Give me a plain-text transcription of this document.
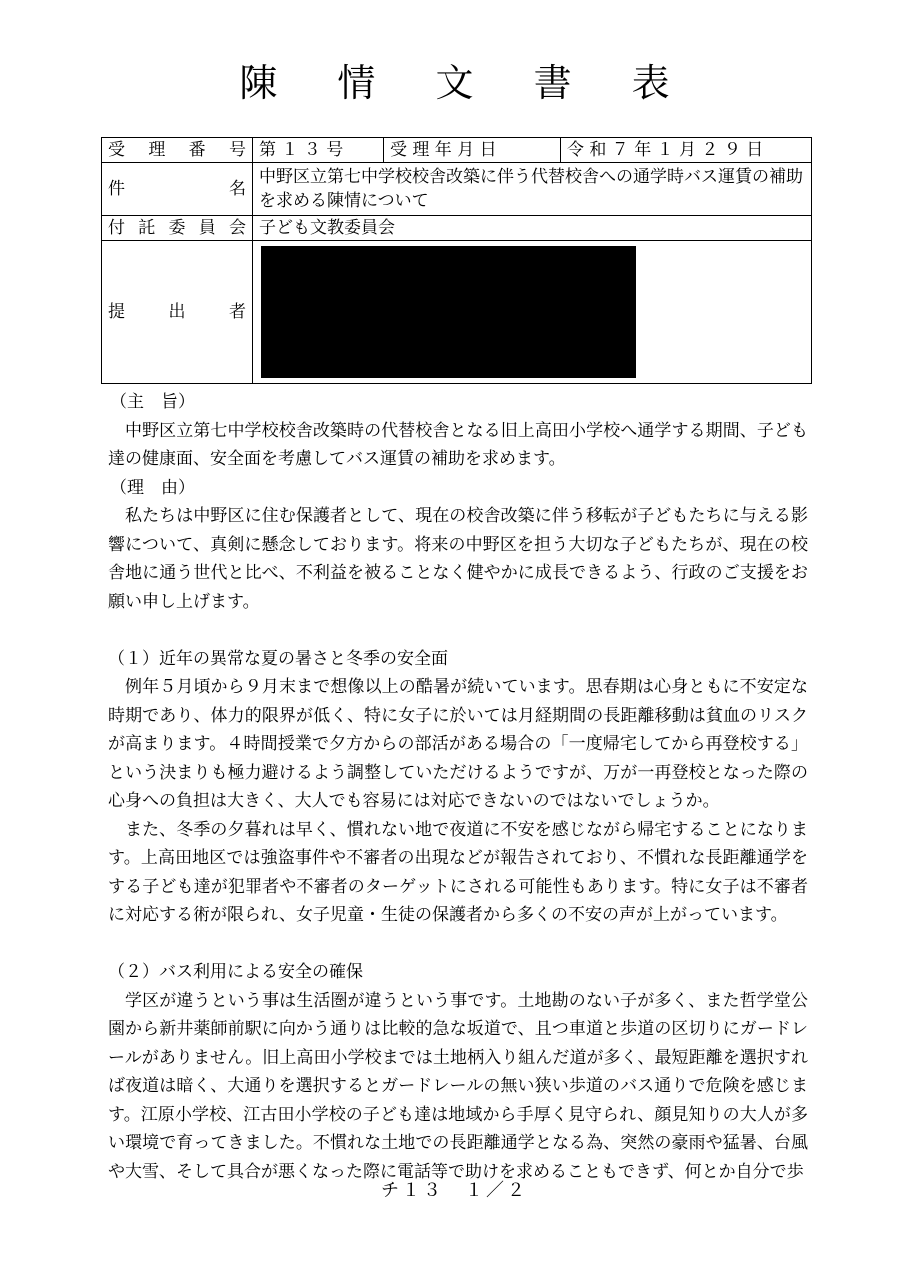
陳 情 文 書 表
受 理 番 号	第 １ ３ 号	受 理 年 月 日	令 和 ７ 年 １ 月 ２ ９ 日
件　　　　名	中野区立第七中学校校舎改築に伴う代替校舎への通学時バス運賃の補助を求める陳情について		
付 託 委 員 会	子ども文教委員会		
提　　出　　者			

（主　旨）

中野区立第七中学校校舎改築時の代替校舎となる旧上高田小学校へ通学する期間、子ども達の健康面、安全面を考慮してバス運賃の補助を求めます。

（理　由）

私たちは中野区に住む保護者として、現在の校舎改築に伴う移転が子どもたちに与える影響について、真剣に懸念しております。将来の中野区を担う大切な子どもたちが、現在の校舎地に通う世代と比べ、不利益を被ることなく健やかに成長できるよう、行政のご支援をお願い申し上げます。

（１）近年の異常な夏の暑さと冬季の安全面

例年５月頃から９月末まで想像以上の酷暑が続いています。思春期は心身ともに不安定な時期であり、体力的限界が低く、特に女子に於いては月経期間の長距離移動は貧血のリスクが高まります。４時間授業で夕方からの部活がある場合の「一度帰宅してから再登校する」という決まりも極力避けるよう調整していただけるようですが、万が一再登校となった際の心身への負担は大きく、大人でも容易には対応できないのではないでしょうか。

また、冬季の夕暮れは早く、慣れない地で夜道に不安を感じながら帰宅することになります。上高田地区では強盗事件や不審者の出現などが報告されており、不慣れな長距離通学をする子ども達が犯罪者や不審者のターゲットにされる可能性もあります。特に女子は不審者に対応する術が限られ、女子児童・生徒の保護者から多くの不安の声が上がっています。

（２）バス利用による安全の確保

学区が違うという事は生活圏が違うという事です。土地勘のない子が多く、また哲学堂公園から新井薬師前駅に向かう通りは比較的急な坂道で、且つ車道と歩道の区切りにガードレールがありません。旧上高田小学校までは土地柄入り組んだ道が多く、最短距離を選択すれば夜道は暗く、大通りを選択するとガードレールの無い狭い歩道のバス通りで危険を感じます。江原小学校、江古田小学校の子ども達は地域から手厚く見守られ、顔見知りの大人が多い環境で育ってきました。不慣れな土地での長距離通学となる為、突然の豪雨や猛暑、台風や大雪、そして具合が悪くなった際に電話等で助けを求めることもできず、何とか自分で歩

チ１３　１／２
